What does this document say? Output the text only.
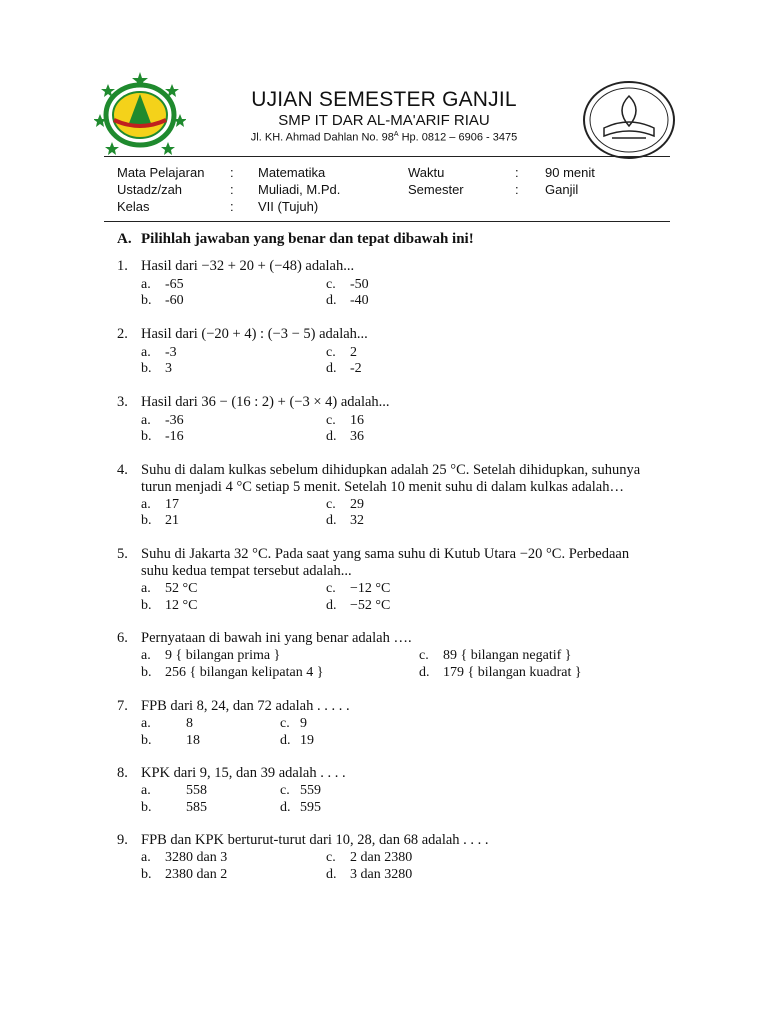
UJIAN SEMESTER GANJIL
SMP IT DAR AL-MA'ARIF RIAU
Jl. KH. Ahmad Dahlan No. $98^A$ Hp. 0812 – 6906 - 3475
Mata Pelajaran : Matematika
Ustadz/zah	: Muliadi, M.Pd.
Kelas	: VII (Tujuh)
Waktu	: 90 menit
Semester	: Ganjil
A. Pilihlah jawaban yang benar dan tepat dibawah ini!
1. Hasil dari −32 + 20 + (−48) adalah...
a. -65
b. -60
c. -50
d. -40
2. Hasil dari (−20 + 4) : (−3 − 5) adalah...
a. -3
b. 3
c. 2
d. -2
3. Hasil dari 36 − (16 : 2) + (−3 × 4) adalah...
a. -36
b. -16
c. 16
d. 36
4. Suhu di dalam kulkas sebelum dihidupkan adalah 25 °C. Setelah dihidupkan, suhunya
turun menjadi 4 °C setiap 5 menit. Setelah 10 menit suhu di dalam kulkas adalah…
a. 17
b. 21
c. 29
d. 32
5. Suhu di Jakarta 32 °C. Pada saat yang sama suhu di Kutub Utara −20 °C. Perbedaan
suhu kedua tempat tersebut adalah...
a. 52 °C
b. 12 °C
c. −12 °C
d. −52 °C
6. Pernyataan di bawah ini yang benar adalah ….
a. 9 { bilangan prima }
b. 256 { bilangan kelipatan 4 }
c. 89 { bilangan negatif }
d. 179 { bilangan kuadrat }
7. FPB dari 8, 24, dan 72 adalah . . . . .
a.	8
b. 18
c. 9
d. 19
8. KPK dari 9, 15, dan 39 adalah . . . .
a.	558
b. 585
c. 559
d. 595
9. FPB dan KPK berturut-turut dari 10, 28, dan 68 adalah . . . .
a. 3280 dan 3
b. 2380 dan 2
c. 2 dan 2380
d. 3 dan 3280
